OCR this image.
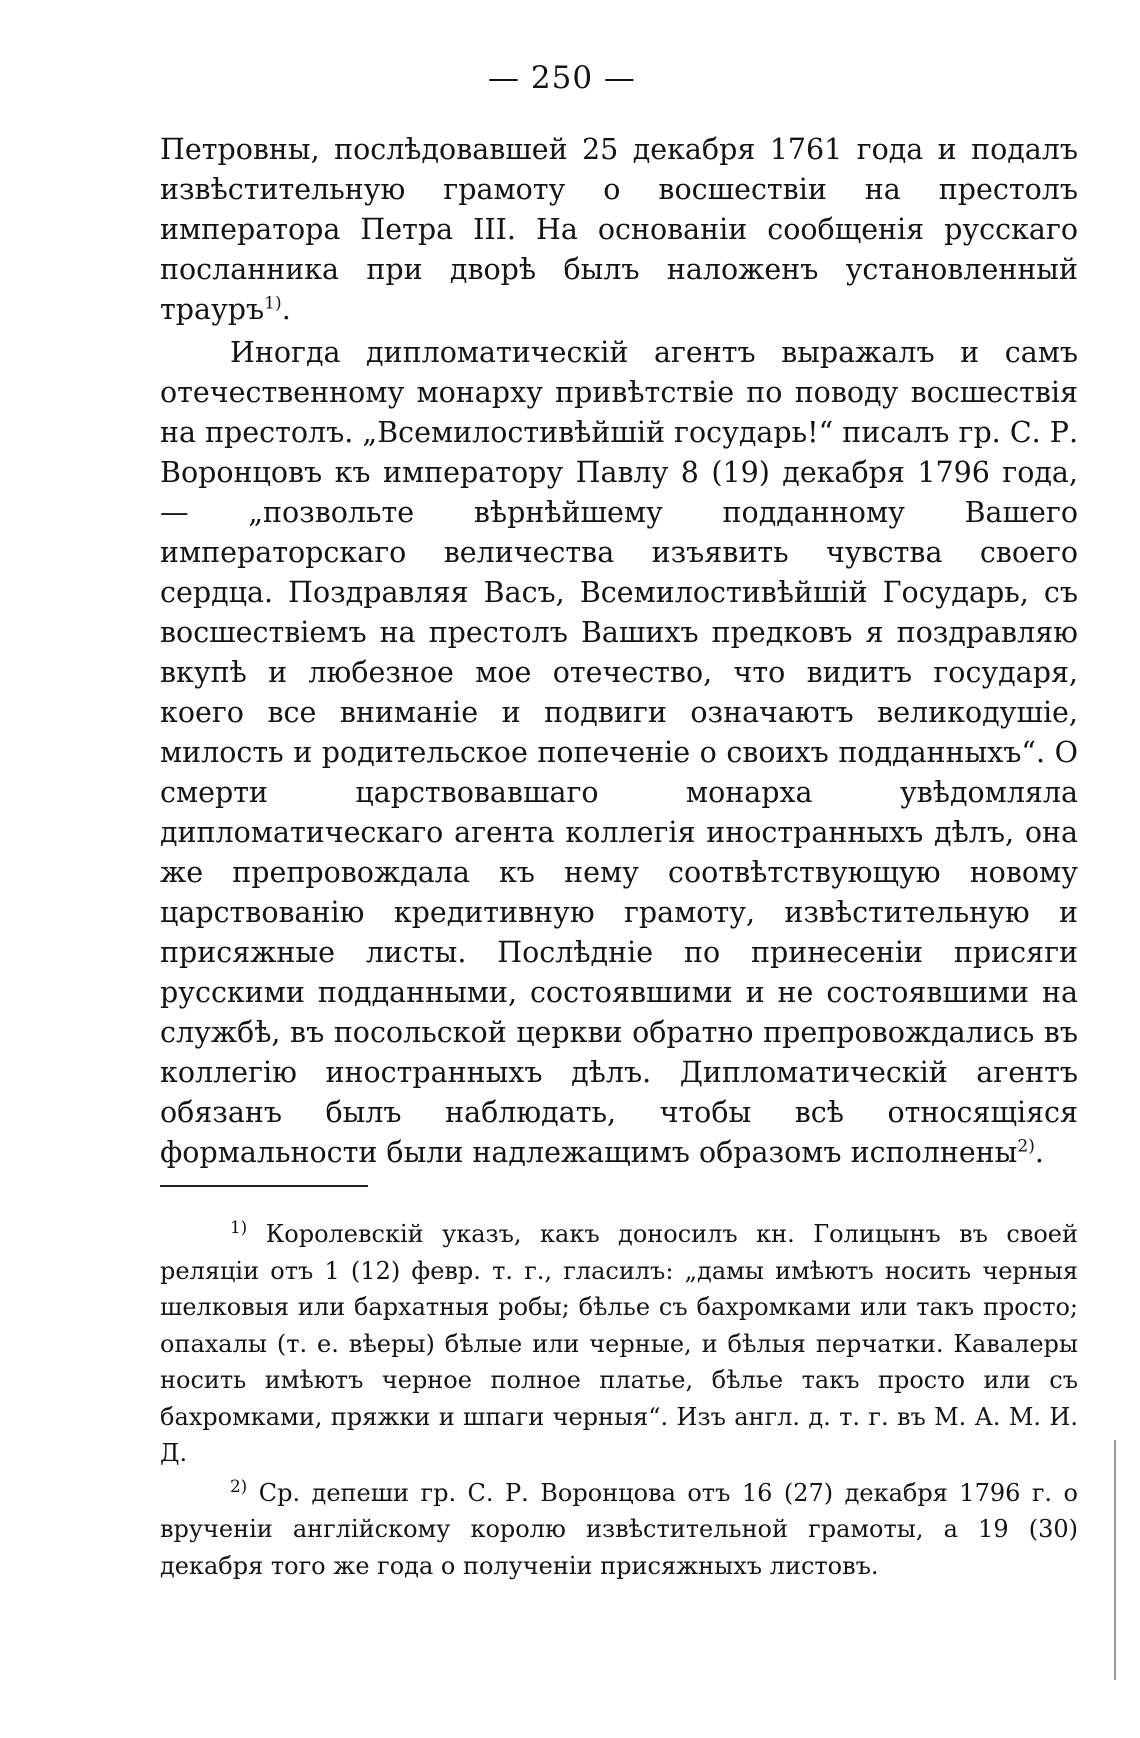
— 250 —

Петровны, послѣдовавшей 25 декабря 1761 года и подалъ извѣстительную грамоту о восшествіи на престолъ императора Петра III. На основаніи сообщенія русскаго посланника при дворѣ былъ наложенъ установленный трауръ$^{1)}$.

Иногда дипломатическій агентъ выражалъ и самъ отечественному монарху привѣтствіе по поводу восшествія на престолъ. „Всемилостивѣйшій государь!“ писалъ гр. С. Р. Воронцовъ къ императору Павлу 8 (19) декабря 1796 года, — „позвольте вѣрнѣйшему подданному Вашего императорскаго величества изъявить чувства своего сердца. Поздравляя Васъ, Всемилостивѣйшій Государь, съ восшествіемъ на престолъ Вашихъ предковъ я поздравляю вкупѣ и любезное мое отечество, что видитъ государя, коего все вниманіе и подвиги означаютъ великодушіе, милость и родительское попеченіе о своихъ подданныхъ“. О смерти царствовавшаго монарха увѣдомляла дипломатическаго агента коллегія иностранныхъ дѣлъ, она же препровождала къ нему соотвѣтствующую новому царствованію кредитивную грамоту, извѣстительную и присяжные листы. Послѣдніе по принесеніи присяги русскими подданными, состоявшими и не состоявшими на службѣ, въ посольской церкви обратно препровождались въ коллегію иностранныхъ дѣлъ. Дипломатическій агентъ обязанъ былъ наблюдать, чтобы всѣ относящіяся формальности были надлежащимъ образомъ исполнены$^{2)}$.

$^{1)}$ Королевскій указъ, какъ доносилъ кн. Голицынъ въ своей реляціи отъ 1 (12) февр. т. г., гласилъ: „дамы имѣютъ носить черныя шелковыя или бархатныя робы; бѣлье съ бахромками или такъ просто; опахалы (т. е. вѣеры) бѣлые или черные, и бѣлыя перчатки. Кавалеры носить имѣютъ черное полное платье, бѣлье такъ просто или съ бахромками, пряжки и шпаги черныя“. Изъ англ. д. т. г. въ М. А. М. И. Д.

$^{2)}$ Ср. депеши гр. С. Р. Воронцова отъ 16 (27) декабря 1796 г. о врученіи англійскому королю извѣстительной грамоты, а 19 (30) декабря того же года о полученіи присяжныхъ листовъ.
